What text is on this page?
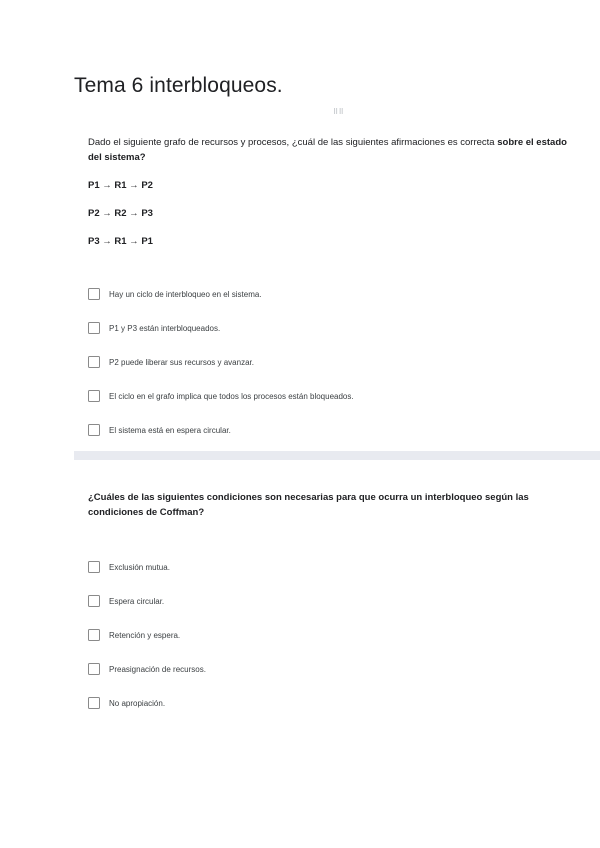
Tema 6 interbloqueos.
⠿⠿
Dado el siguiente grafo de recursos y procesos, ¿cuál de las siguientes afirmaciones es correcta sobre el estado del sistema?
P1 → R1 → P2
P2 → R2 → P3
P3 → R1 → P1
Hay un ciclo de interbloqueo en el sistema.
P1 y P3 están interbloqueados.
P2 puede liberar sus recursos y avanzar.
El ciclo en el grafo implica que todos los procesos están bloqueados.
El sistema está en espera circular.
¿Cuáles de las siguientes condiciones son necesarias para que ocurra un interbloqueo según las condiciones de Coffman?
Exclusión mutua.
Espera circular.
Retención y espera.
Preasignación de recursos.
No apropiación.
